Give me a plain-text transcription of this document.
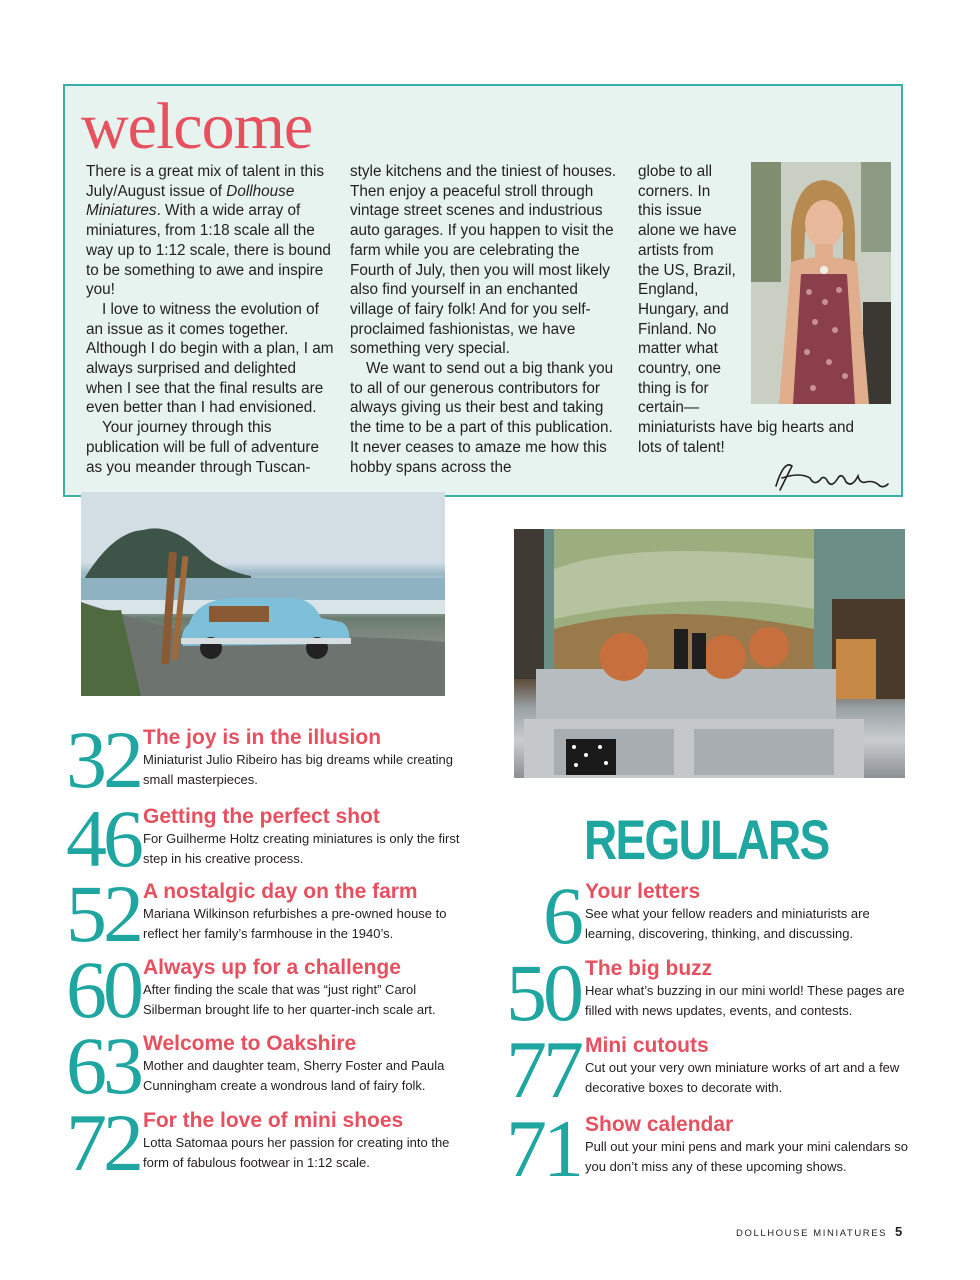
welcome

There is a great mix of talent in this July/August issue of Dollhouse Miniatures. With a wide array of miniatures, from 1:18 scale all the way up to 1:12 scale, there is bound to be something to awe and inspire you!

I love to witness the evolution of an issue as it comes together. Although I do begin with a plan, I am always surprised and delighted when I see that the final results are even better than I had envisioned.

Your journey through this publication will be full of adventure as you meander through Tuscan-

style kitchens and the tiniest of houses. Then enjoy a peaceful stroll through vintage street scenes and industrious auto garages. If you happen to visit the farm while you are celebrating the Fourth of July, then you will most likely also find yourself in an enchanted village of fairy folk! And for you self-proclaimed fashionistas, we have something very special.

We want to send out a big thank you to all of our generous contributors for always giving us their best and taking the time to be a part of this publication. It never ceases to amaze me how this hobby spans across the

globe to all corners. In this issue alone we have artists from the US, Brazil, England, Hungary, and Finland. No matter what country, one thing is for certain—
miniaturists have big hearts and lots of talent!
32 The joy is in the illusion
Miniaturist Julio Ribeiro has big dreams while creating small masterpieces.
46 Getting the perfect shot
For Guilherme Holtz creating miniatures is only the first step in his creative process.
52 A nostalgic day on the farm
Mariana Wilkinson refurbishes a pre-owned house to reflect her family’s farmhouse in the 1940’s.
60 Always up for a challenge
After finding the scale that was “just right” Carol Silberman brought life to her quarter-inch scale art.
63 Welcome to Oakshire
Mother and daughter team, Sherry Foster and Paula Cunningham create a wondrous land of fairy folk.
72 For the love of mini shoes
Lotta Satomaa pours her passion for creating into the form of fabulous footwear in 1:12 scale.
REGULARS
6 Your letters
See what your fellow readers and miniaturists are learning, discovering, thinking, and discussing.
50 The big buzz
Hear what’s buzzing in our mini world! These pages are filled with news updates, events, and contests.
77 Mini cutouts
Cut out your very own miniature works of art and a few decorative boxes to decorate with.
71 Show calendar
Pull out your mini pens and mark your mini calendars so you don’t miss any of these upcoming shows.
DOLLHOUSE MINIATURES 5
